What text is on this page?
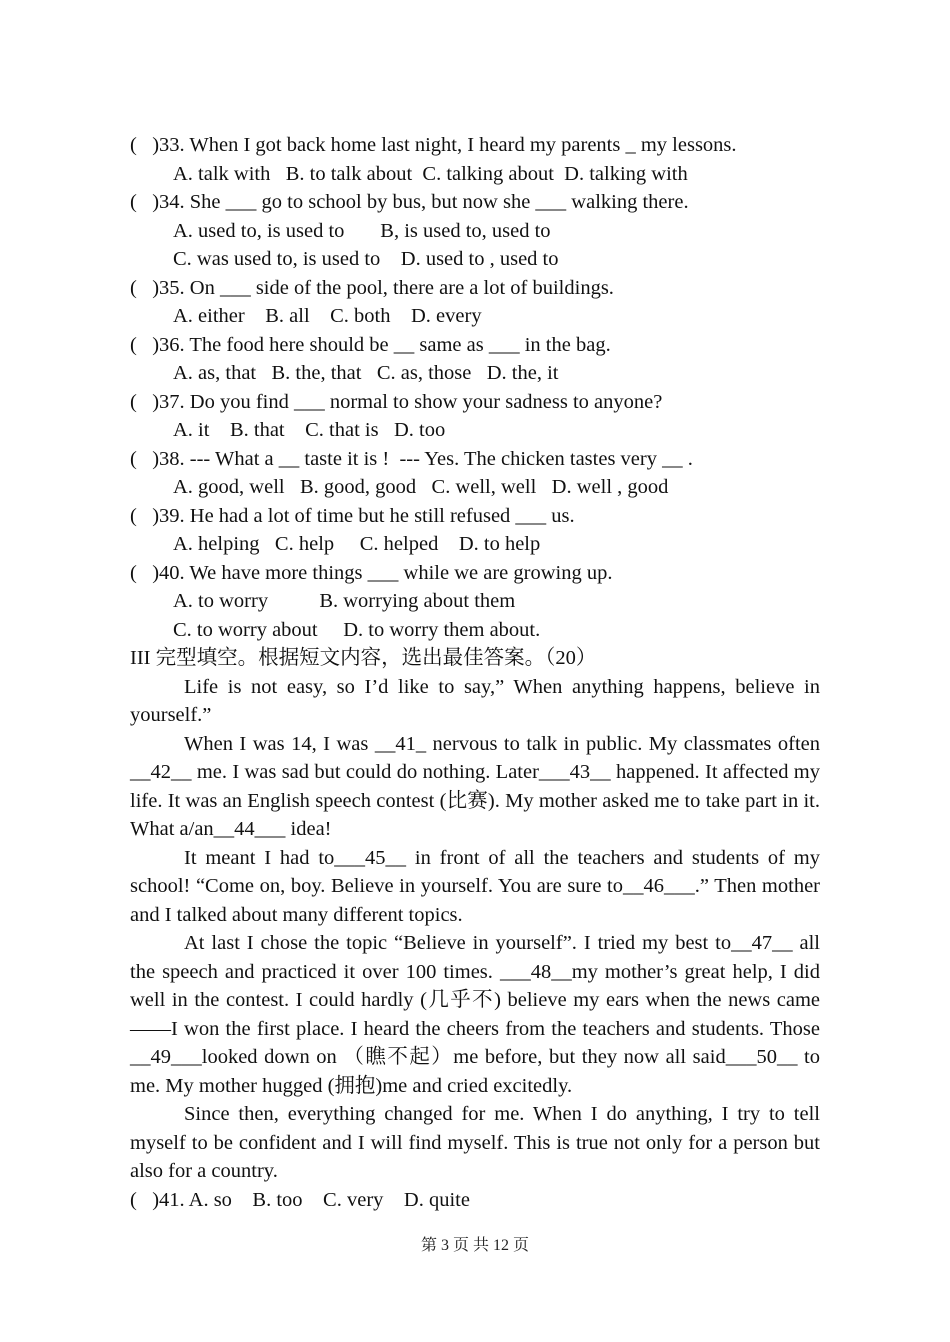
(   )33. When I got back home last night, I heard my parents _ my lessons.
A. talk with   B. to talk about  C. talking about  D. talking with
(   )34. She ___ go to school by bus, but now she ___ walking there.
A. used to, is used to       B, is used to, used to
C. was used to, is used to    D. used to , used to
(   )35. On ___ side of the pool, there are a lot of buildings.
A. either    B. all    C. both    D. every
(   )36. The food here should be __ same as ___ in the bag.
A. as, that   B. the, that   C. as, those   D. the, it
(   )37. Do you find ___ normal to show your sadness to anyone?
A. it    B. that    C. that is   D. too
(   )38. --- What a __ taste it is !  --- Yes. The chicken tastes very __ .
A. good, well   B. good, good   C. well, well   D. well , good
(   )39. He had a lot of time but he still refused ___ us.
A. helping   C. help     C. helped    D. to help
(   )40. We have more things ___ while we are growing up.
A. to worry          B. worrying about them
C. to worry about     D. to worry them about.
III 完型填空。根据短文内容，选出最佳答案。（20）
Life is not easy, so I’d like to say,” When anything happens, believe in yourself.”
When I was 14, I was __41_ nervous to talk in public. My classmates often __42__ me. I was sad but could do nothing. Later___43__ happened. It affected my life. It was an English speech contest (比赛). My mother asked me to take part in it. What a/an__44___ idea!
It meant I had to___45__ in front of all the teachers and students of my school! “Come on, boy. Believe in yourself. You are sure to__46___.” Then mother and I talked about many different topics.
At last I chose the topic “Believe in yourself”. I tried my best to__47__ all the speech and practiced it over 100 times. ___48__my mother’s great help, I did well in the contest. I could hardly (几乎不) believe my ears when the news came ——I won the first place. I heard the cheers from the teachers and students. Those __49___looked down on （瞧不起）me before, but they now all said___50__ to me. My mother hugged (拥抱)me and cried excitedly.
Since then, everything changed for me. When I do anything, I try to tell myself to be confident and I will find myself. This is true not only for a person but also for a country.
(   )41. A. so    B. too    C. very    D. quite
第 3 页 共 12 页
